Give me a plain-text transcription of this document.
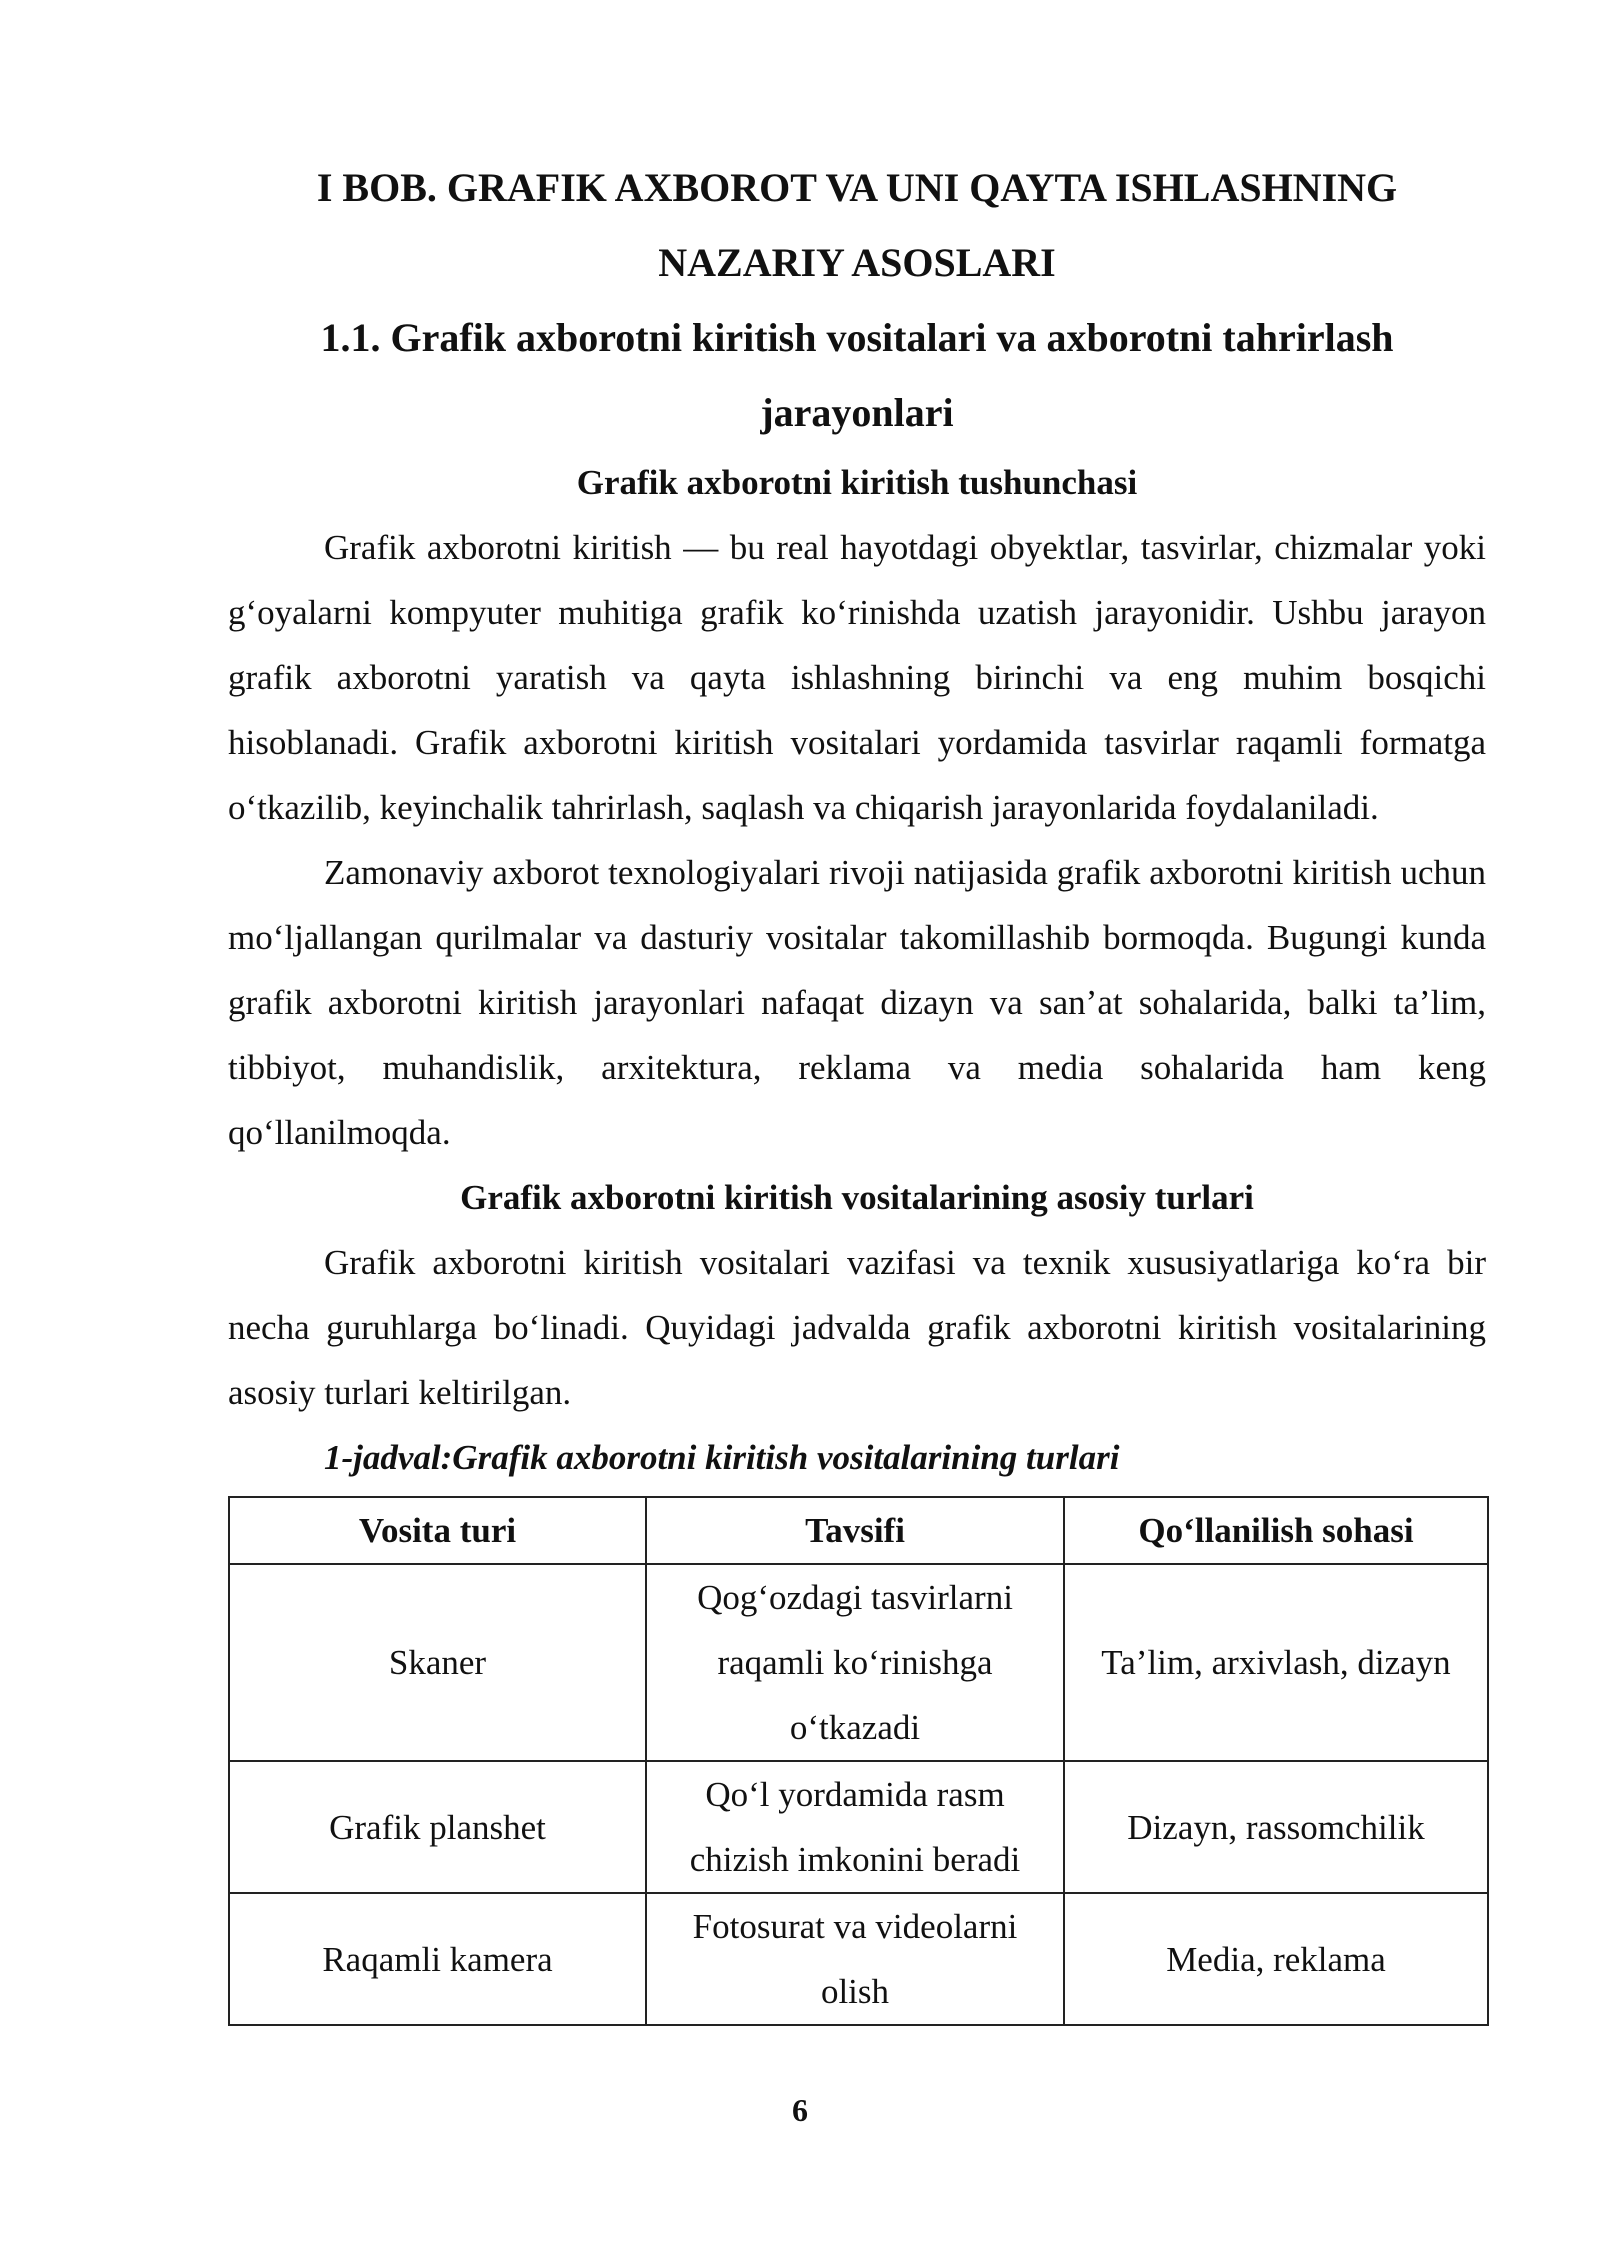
I BOB. GRAFIK AXBOROT VA UNI QAYTA ISHLASHNING NAZARIY ASOSLARI
1.1. Grafik axborotni kiritish vositalari va axborotni tahrirlash jarayonlari
Grafik axborotni kiritish tushunchasi

Grafik axborotni kiritish — bu real hayotdagi obyektlar, tasvirlar, chizmalar yoki g‘oyalarni kompyuter muhitiga grafik ko‘rinishda uzatish jarayonidir. Ushbu jarayon grafik axborotni yaratish va qayta ishlashning birinchi va eng muhim bosqichi hisoblanadi. Grafik axborotni kiritish vositalari yordamida tasvirlar raqamli formatga o‘tkazilib, keyinchalik tahrirlash, saqlash va chiqarish jarayonlarida foydalaniladi.

Zamonaviy axborot texnologiyalari rivoji natijasida grafik axborotni kiritish uchun mo‘ljallangan qurilmalar va dasturiy vositalar takomillashib bormoqda. Bugungi kunda grafik axborotni kiritish jarayonlari nafaqat dizayn va san’at sohalarida, balki ta’lim, tibbiyot, muhandislik, arxitektura, reklama va media sohalarida ham keng qo‘llanilmoqda.

Grafik axborotni kiritish vositalarining asosiy turlari

Grafik axborotni kiritish vositalari vazifasi va texnik xususiyatlariga ko‘ra bir necha guruhlarga bo‘linadi. Quyidagi jadvalda grafik axborotni kiritish vositalarining asosiy turlari keltirilgan.

1-jadval:Grafik axborotni kiritish vositalarining turlari

Vosita turi	Tavsifi	Qo‘llanilish sohasi
Skaner	Qog‘ozdagi tasvirlarni raqamli ko‘rinishga o‘tkazadi	Ta’lim, arxivlash, dizayn
Grafik planshet	Qo‘l yordamida rasm chizish imkonini beradi	Dizayn, rassomchilik
Raqamli kamera	Fotosurat va videolarni olish	Media, reklama

6
